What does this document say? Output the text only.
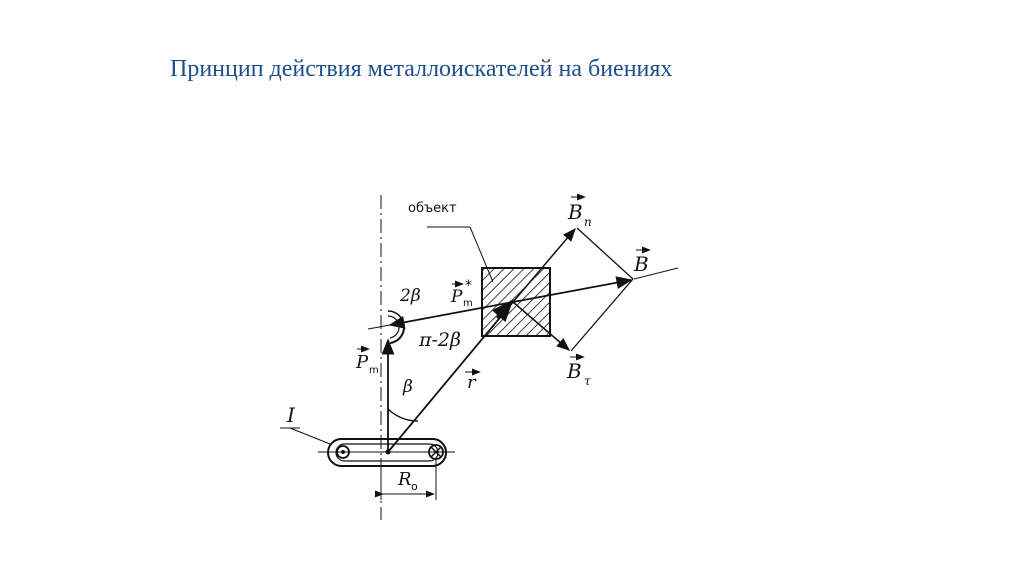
Принцип действия металлоискателей на биениях
I
R o
P m
β	r
объект
B
P m
*
B n
B τ
2β
π-2β
